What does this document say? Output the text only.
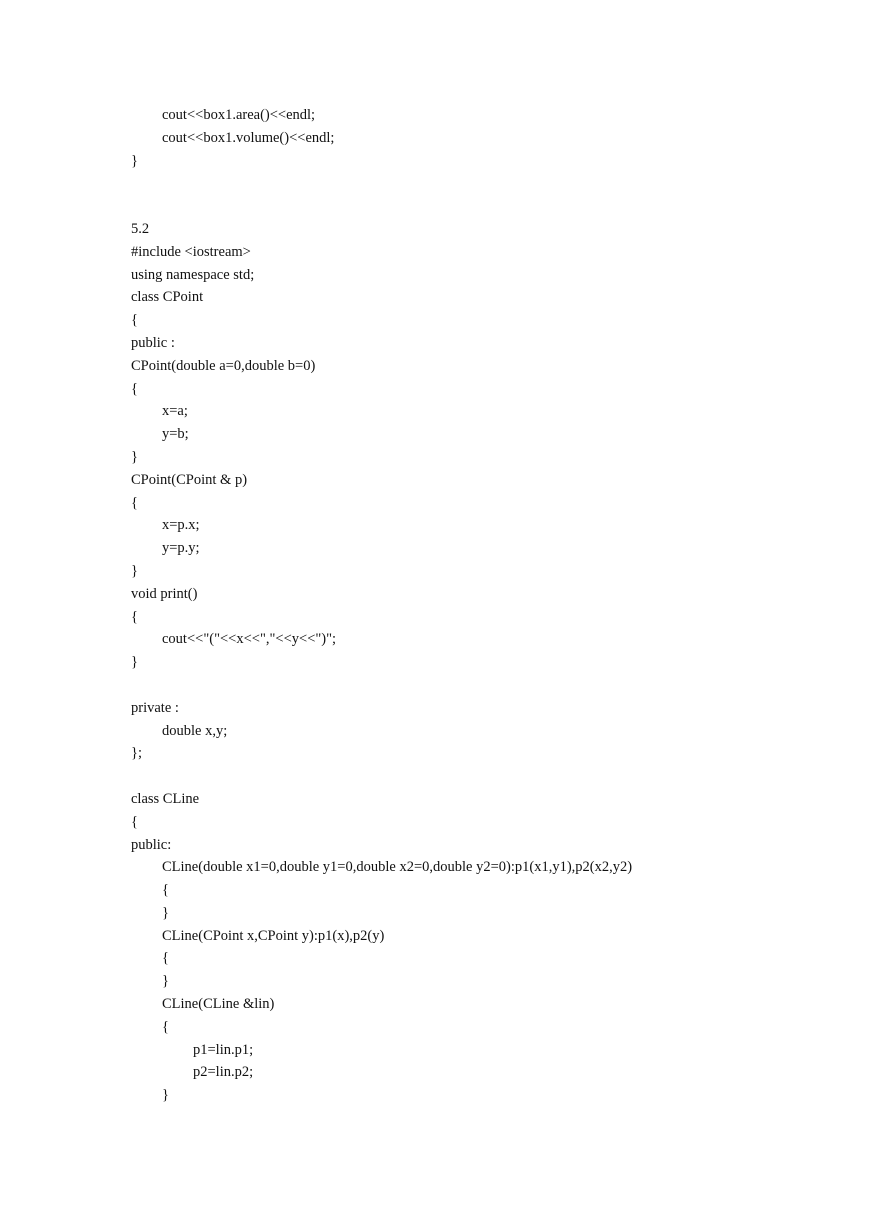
cout<<box1.area()<<endl;
cout<<box1.volume()<<endl;
}
5.2
#include <iostream>
using namespace std;
class CPoint
{
public :
CPoint(double a=0,double b=0)
{
x=a;
y=b;
}
CPoint(CPoint & p)
{
x=p.x;
y=p.y;
}
void print()
{
cout<<"("<<x<<","<<y<<")";
}
private :
double x,y;
};
class CLine
{
public:
CLine(double x1=0,double y1=0,double x2=0,double y2=0):p1(x1,y1),p2(x2,y2)
{
}
CLine(CPoint x,CPoint y):p1(x),p2(y)
{
}
CLine(CLine &lin)
{
p1=lin.p1;
p2=lin.p2;
}
